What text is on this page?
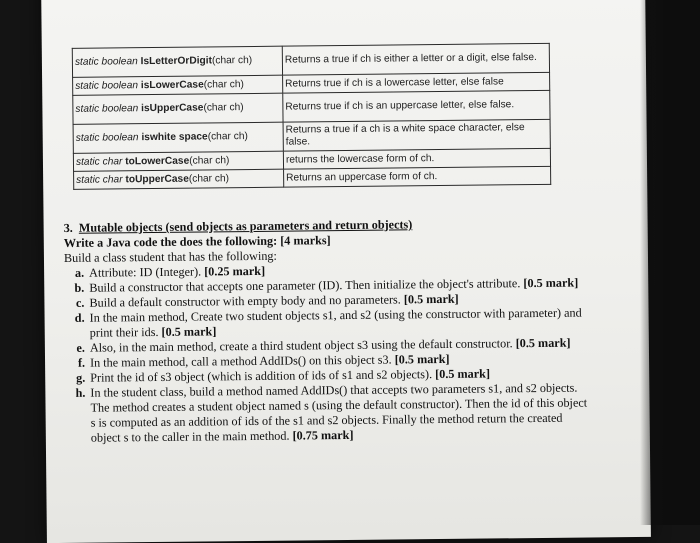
static boolean IsLetterOrDigit(char ch)	Returns a true if ch is either a letter or a digit, else false.
static boolean isLowerCase(char ch)	Returns true if ch is a lowercase letter, else false
static boolean isUpperCase(char ch)	Returns true if ch is an uppercase letter, else false.
static boolean iswhite space(char ch)	Returns a true if a ch is a white space character, else false.
static char toLowerCase(char ch)	returns the lowercase form of ch.
static char toUpperCase(char ch)	Returns an uppercase form of ch.
3. Mutable objects (send objects as parameters and return objects)
Write a Java code the does the following: [4 marks]
Build a class student that has the following:
a. Attribute: ID (Integer). [0.25 mark]
b. Build a constructor that accepts one parameter (ID). Then initialize the object's attribute. [0.5 mark]
c. Build a default constructor with empty body and no parameters. [0.5 mark]
d. In the main method, Create two student objects s1, and s2 (using the constructor with parameter) and print their ids. [0.5 mark]
e. Also, in the main method, create a third student object s3 using the default constructor. [0.5 mark]
f. In the main method, call a method AddIDs() on this object s3. [0.5 mark]
g. Print the id of s3 object (which is addition of ids of s1 and s2 objects). [0.5 mark]
h. In the student class, build a method named AddIDs() that accepts two parameters s1, and s2 objects. The method creates a student object named s (using the default constructor). Then the id of this object s is computed as an addition of ids of the s1 and s2 objects. Finally the method return the created object s to the caller in the main method. [0.75 mark]
